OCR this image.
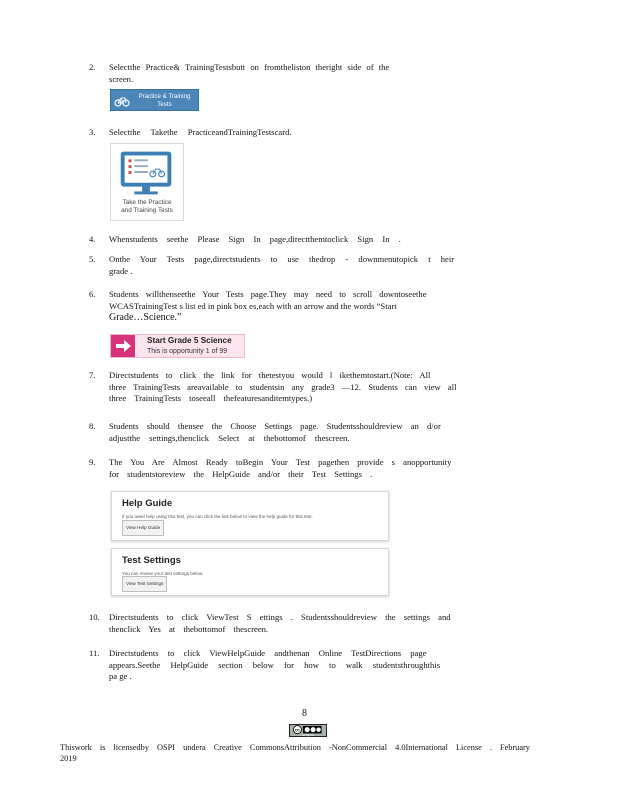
2.	Selectthe Practice& TrainingTestsbutt on fromtheliston theright side of the
screen.
Practice & Training
Tests
3.	Selectthe Takethe PracticeandTrainingTestscard.
Take the Practice
and Training Tests
4.	Whenstudents seethe Please Sign In page,directthemtoclick Sign In .
5.	Onthe Your Tests page,directstudents to use thedrop - downmenutopick t heir
grade .
6.	Students willthenseethe Your Tests page.They may need to scroll downtoseethe
WCASTrainingTest s list ed in pink box es,each with an arrow and the words “Start
Grade…Science.”
Start Grade 5 Science
This is opportunity 1 of 99
7.	Directstudents to click the link for thetestyou would l ikethemtostart.(Note: All
three TrainingTests areavailable to studentsin any grade3 —12. Students can view all
three TrainingTests toseeall thefeaturesanditemtypes.)
8.	Students should thensee the Choose Settings page. Studentsshouldreview an d/or
adjustthe settings,thenclick Select at thebottomof thescreen.
9.	The You Are Almost Ready toBegin Your Test pagethen provide s anopportunity
for studentstoreview the HelpGuide and/or their Test Settings .
Help Guide
If you need help using this test, you can click the link below to view the help guide for this test.
View Help Guide
Test Settings
You can review your test settings below.
View Test Settings
10.	Directstudents to click ViewTest S ettings . Studentsshouldreview the settings and
thenclick Yes at thebottomof thescreen.
11.	Directstudents to click ViewHelpGuide andthenan Online TestDirections page
appears.Seethe HelpGuide section below for how to walk studentsthroughthis
pa ge .
8
cc
cc by nc
Thiswork is licensedby OSPI undera Creative CommonsAttribution -NonCommercial 4.0International License . February
2019
